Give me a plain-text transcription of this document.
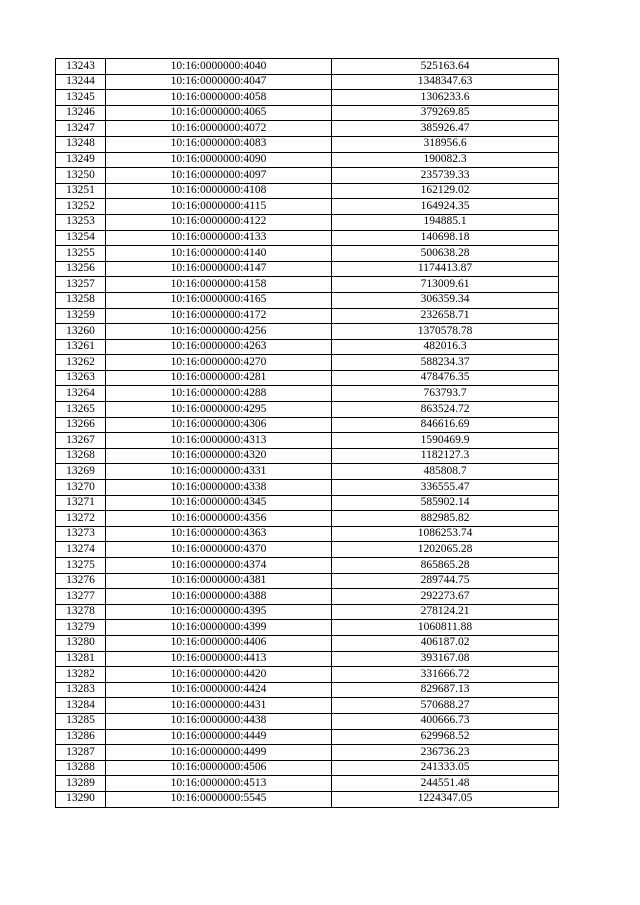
13243	10:16:0000000:4040	525163.64
13244	10:16:0000000:4047	1348347.63
13245	10:16:0000000:4058	1306233.6
13246	10:16:0000000:4065	379269.85
13247	10:16:0000000:4072	385926.47
13248	10:16:0000000:4083	318956.6
13249	10:16:0000000:4090	190082.3
13250	10:16:0000000:4097	235739.33
13251	10:16:0000000:4108	162129.02
13252	10:16:0000000:4115	164924.35
13253	10:16:0000000:4122	194885.1
13254	10:16:0000000:4133	140698.18
13255	10:16:0000000:4140	500638.28
13256	10:16:0000000:4147	1174413.87
13257	10:16:0000000:4158	713009.61
13258	10:16:0000000:4165	306359.34
13259	10:16:0000000:4172	232658.71
13260	10:16:0000000:4256	1370578.78
13261	10:16:0000000:4263	482016.3
13262	10:16:0000000:4270	588234.37
13263	10:16:0000000:4281	478476.35
13264	10:16:0000000:4288	763793.7
13265	10:16:0000000:4295	863524.72
13266	10:16:0000000:4306	846616.69
13267	10:16:0000000:4313	1590469.9
13268	10:16:0000000:4320	1182127.3
13269	10:16:0000000:4331	485808.7
13270	10:16:0000000:4338	336555.47
13271	10:16:0000000:4345	585902.14
13272	10:16:0000000:4356	882985.82
13273	10:16:0000000:4363	1086253.74
13274	10:16:0000000:4370	1202065.28
13275	10:16:0000000:4374	865865.28
13276	10:16:0000000:4381	289744.75
13277	10:16:0000000:4388	292273.67
13278	10:16:0000000:4395	278124.21
13279	10:16:0000000:4399	1060811.88
13280	10:16:0000000:4406	406187.02
13281	10:16:0000000:4413	393167.08
13282	10:16:0000000:4420	331666.72
13283	10:16:0000000:4424	829687.13
13284	10:16:0000000:4431	570688.27
13285	10:16:0000000:4438	400666.73
13286	10:16:0000000:4449	629968.52
13287	10:16:0000000:4499	236736.23
13288	10:16:0000000:4506	241333.05
13289	10:16:0000000:4513	244551.48
13290	10:16:0000000:5545	1224347.05
